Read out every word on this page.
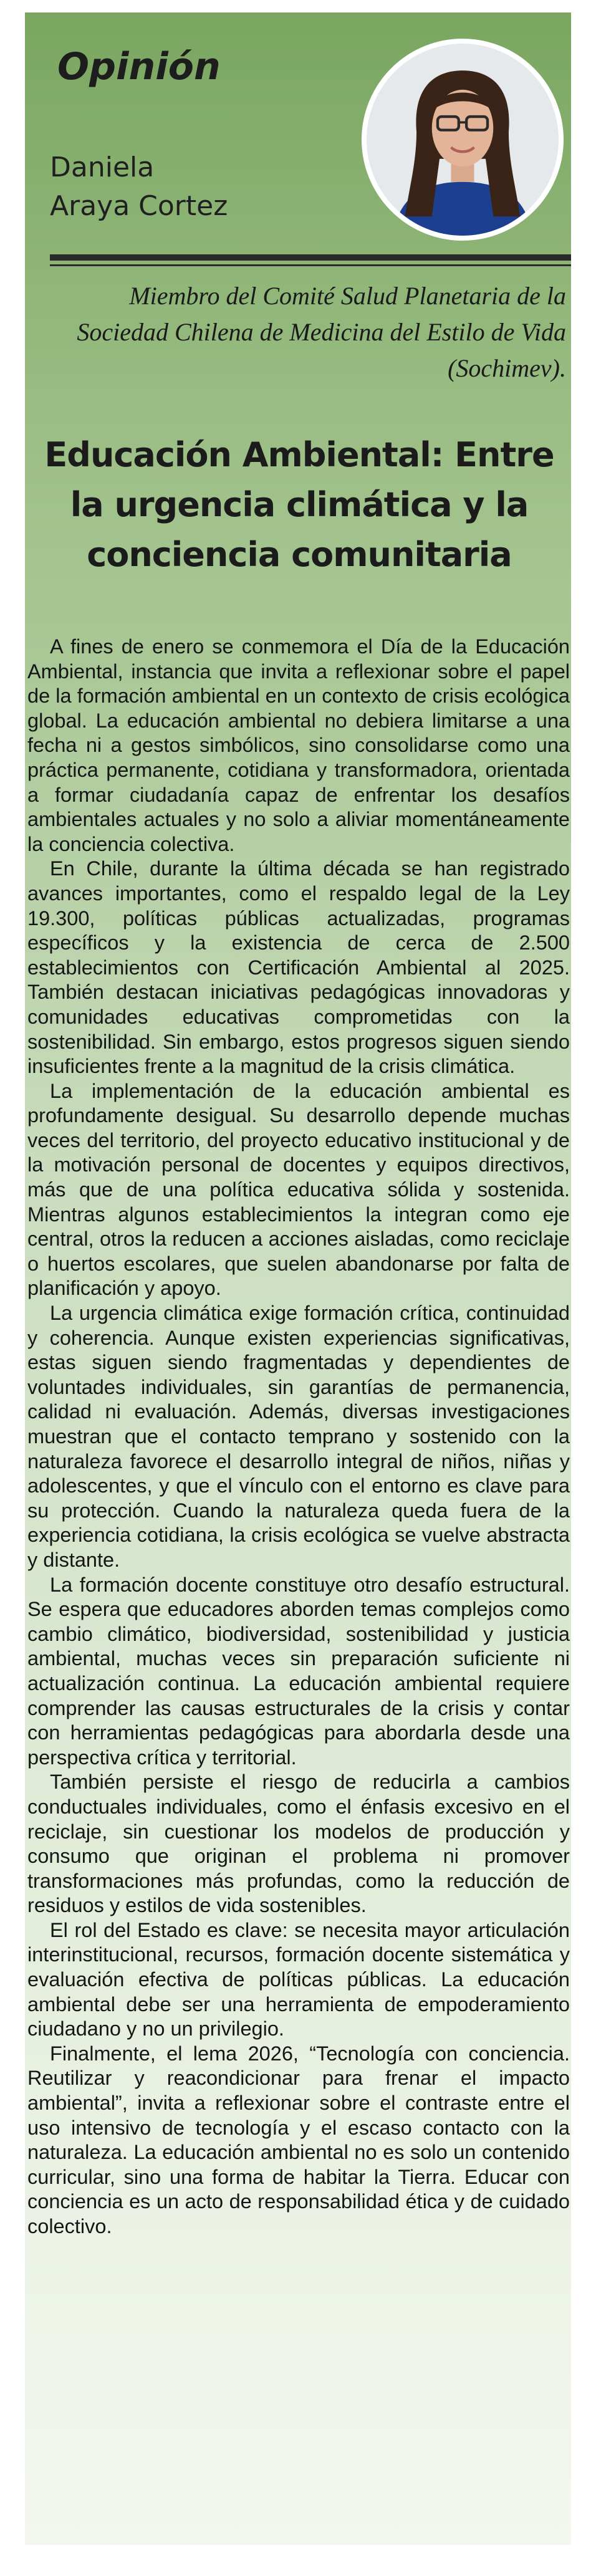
Opinión
Daniela
Araya Cortez

Miembro del Comité Salud Planetaria de la Sociedad Chilena de Medicina del Estilo de Vida (Sochimev).

Educación Ambiental: Entre la urgencia climática y la conciencia comunitaria

A fines de enero se conmemora el Día de la Educación Ambiental, instancia que invita a reflexionar sobre el papel de la formación ambiental en un contexto de crisis ecológica global. La educación ambiental no debiera limitarse a una fecha ni a gestos simbólicos, sino consolidarse como una práctica permanente, cotidiana y transformadora, orientada a formar ciudadanía capaz de enfrentar los desafíos ambientales actuales y no solo a aliviar momentáneamente la conciencia colectiva.

En Chile, durante la última década se han registrado avances importantes, como el respaldo legal de la Ley 19.300, políticas públicas actualizadas, programas específicos y la existencia de cerca de 2.500 establecimientos con Certificación Ambiental al 2025. También destacan iniciativas pedagógicas innovadoras y comunidades educativas comprometidas con la sostenibilidad. Sin embargo, estos progresos siguen siendo insuficientes frente a la magnitud de la crisis climática.

La implementación de la educación ambiental es profundamente desigual. Su desarrollo depende muchas veces del territorio, del proyecto educativo institucional y de la motivación personal de docentes y equipos directivos, más que de una política educativa sólida y sostenida. Mientras algunos establecimientos la integran como eje central, otros la reducen a acciones aisladas, como reciclaje o huertos escolares, que suelen abandonarse por falta de planificación y apoyo.

La urgencia climática exige formación crítica, continuidad y coherencia. Aunque existen experiencias significativas, estas siguen siendo fragmentadas y dependientes de voluntades individuales, sin garantías de permanencia, calidad ni evaluación. Además, diversas investigaciones muestran que el contacto temprano y sostenido con la naturaleza favorece el desarrollo integral de niños, niñas y adolescentes, y que el vínculo con el entorno es clave para su protección. Cuando la naturaleza queda fuera de la experiencia cotidiana, la crisis ecológica se vuelve abstracta y distante.

La formación docente constituye otro desafío estructural. Se espera que educadores aborden temas complejos como cambio climático, biodiversidad, sostenibilidad y justicia ambiental, muchas veces sin preparación suficiente ni actualización continua. La educación ambiental requiere comprender las causas estructurales de la crisis y contar con herramientas pedagógicas para abordarla desde una perspectiva crítica y territorial.

También persiste el riesgo de reducirla a cambios conductuales individuales, como el énfasis excesivo en el reciclaje, sin cuestionar los modelos de producción y consumo que originan el problema ni promover transformaciones más profundas, como la reducción de residuos y estilos de vida sostenibles.

El rol del Estado es clave: se necesita mayor articulación interinstitucional, recursos, formación docente sistemática y evaluación efectiva de políticas públicas. La educación ambiental debe ser una herramienta de empoderamiento ciudadano y no un privilegio.

Finalmente, el lema 2026, “Tecnología con conciencia. Reutilizar y reacondicionar para frenar el impacto ambiental”, invita a reflexionar sobre el contraste entre el uso intensivo de tecnología y el escaso contacto con la naturaleza. La educación ambiental no es solo un contenido curricular, sino una forma de habitar la Tierra. Educar con conciencia es un acto de responsabilidad ética y de cuidado colectivo.
